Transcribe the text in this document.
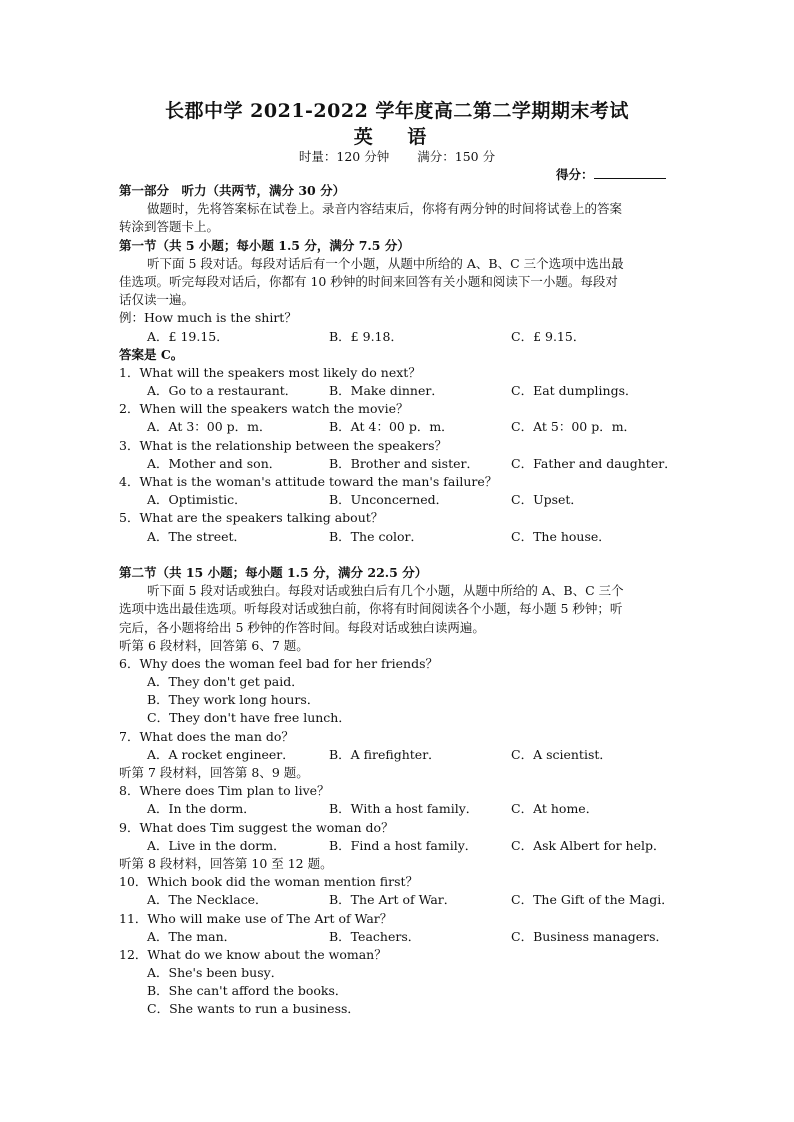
长郡中学 2021-2022 学年度高二第二学期期末考试
英 语
时量：120 分钟 满分：150 分
得分：
第一部分　听力（共两节，满分 30 分）
做题时，先将答案标在试卷上。录音内容结束后，你将有两分钟的时间将试卷上的答案
转涂到答题卡上。
第一节（共 5 小题；每小题 1.5 分，满分 7.5 分）
听下面 5 段对话。每段对话后有一个小题，从题中所给的 A、B、C 三个选项中选出最
佳选项。听完每段对话后，你都有 10 秒钟的时间来回答有关小题和阅读下一小题。每段对
话仅读一遍。
例：How much is the shirt？
A．£ 19.15．	B．£ 9.18．	C．£ 9.15．
答案是 C。
1．What will the speakers most likely do next？
A．Go to a restaurant．	B．Make dinner．	C．Eat dumplings．
2．When will the speakers watch the movie？
A．At 3：00 p．m．	B．At 4：00 p．m．	C．At 5：00 p．m．
3．What is the relationship between the speakers？
A．Mother and son．	B．Brother and sister．	C．Father and daughter．
4．What is the woman's attitude toward the man's failure？
A．Optimistic．	B．Unconcerned．	C．Upset．
5．What are the speakers talking about？
A．The street．	B．The color．	C．The house．
第二节（共 15 小题；每小题 1.5 分，满分 22.5 分）
听下面 5 段对话或独白。每段对话或独白后有几个小题，从题中所给的 A、B、C 三个
选项中选出最佳选项。听每段对话或独白前，你将有时间阅读各个小题，每小题 5 秒钟；听
完后，各小题将给出 5 秒钟的作答时间。每段对话或独白读两遍。
听第 6 段材料，回答第 6、7 题。
6．Why does the woman feel bad for her friends？
A．They don't get paid．
B．They work long hours．
C．They don't have free lunch．
7．What does the man do？
A．A rocket engineer．	B．A firefighter．	C．A scientist．
听第 7 段材料，回答第 8、9 题。
8．Where does Tim plan to live？
A．In the dorm．	B．With a host family．	C．At home．
9．What does Tim suggest the woman do？
A．Live in the dorm．	B．Find a host family．	C．Ask Albert for help．
听第 8 段材料，回答第 10 至 12 题。
10．Which book did the woman mention first？
A．The Necklace．	B．The Art of War．	C．The Gift of the Magi．
11．Who will make use of The Art of War？
A．The man．	B．Teachers．	C．Business managers．
12．What do we know about the woman？
A．She's been busy．
B．She can't afford the books．
C．She wants to run a business．
